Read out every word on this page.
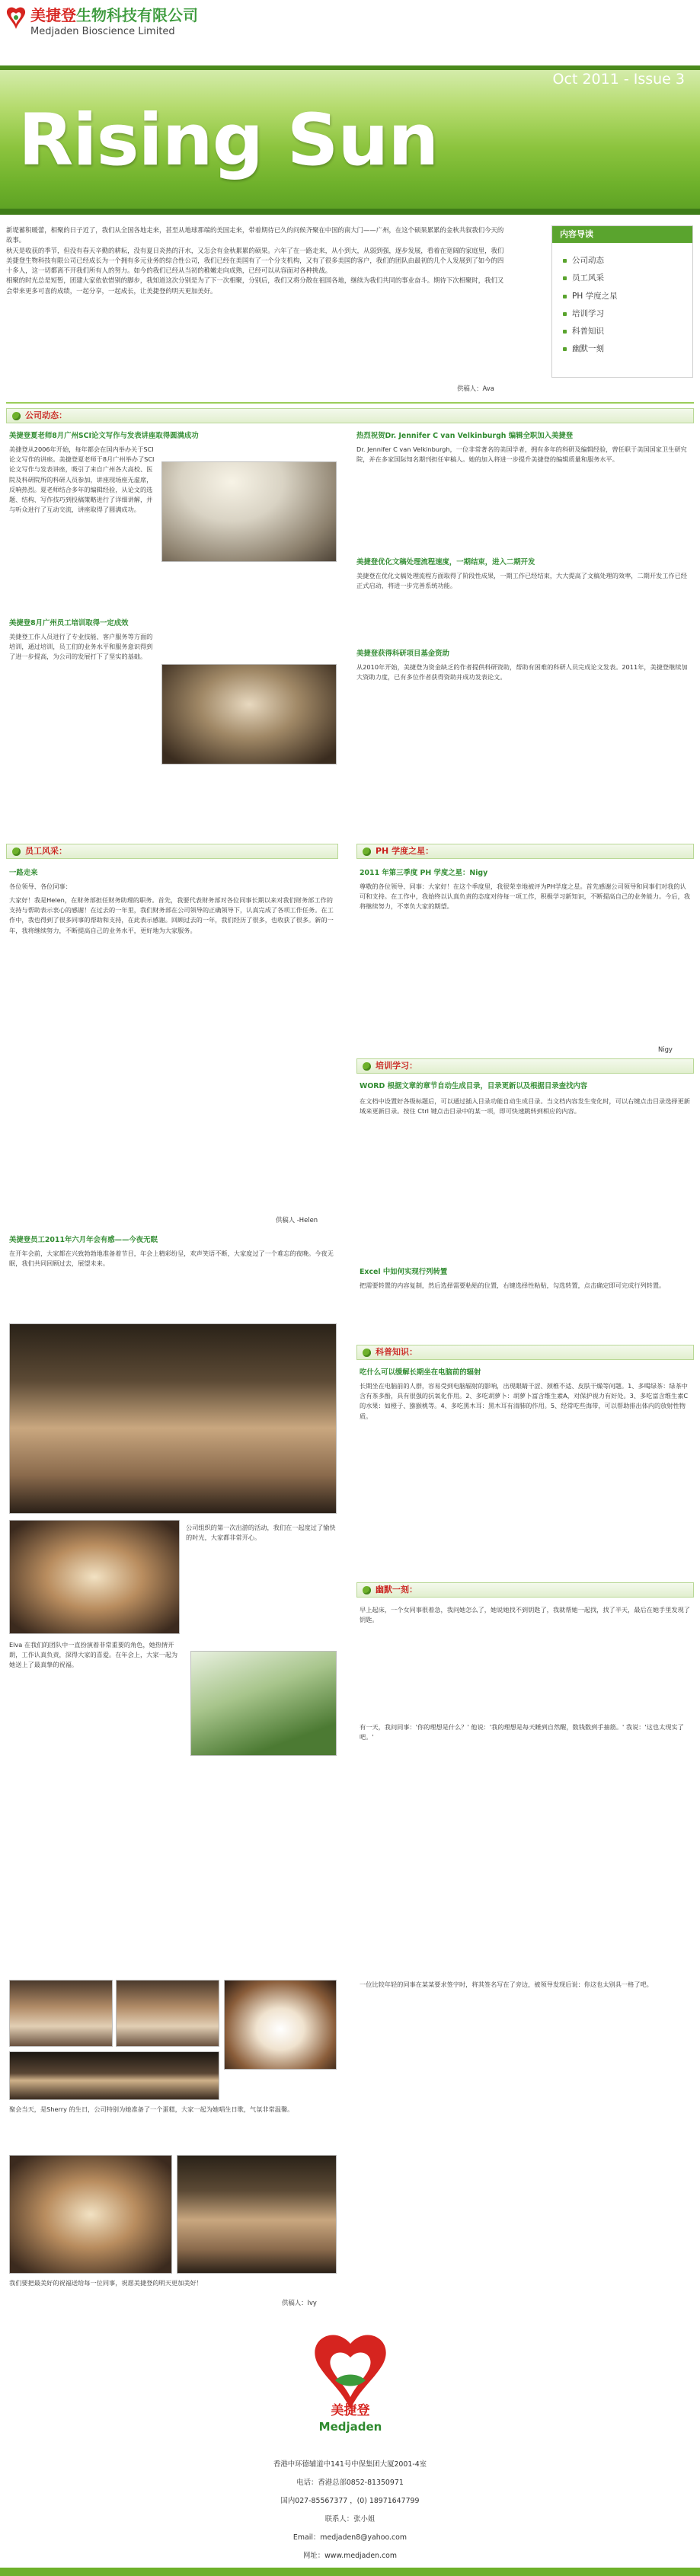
美捷登生物科技有限公司
Medjaden Bioscience Limited
Oct 2011 - Issue 3
Rising Sun

新堤蓄积暖蕾，相聚的日子近了，我们从全国各地走来，甚至从地球那端的美国走来，带着期待已久的问候齐聚在中国的南大门——广州，在这个硕果累累的金秋共叙我们今天的故事。

秋天是收获的季节，但没有春天辛勤的耕耘，没有夏日炎热的汗水，又怎会有金秋累累的硕果。六年了在一路走来，从小到大，从弱到强，逐步发展，看着在宽阔的家庭里，我们美捷登生物科技有限公司已经成长为一个拥有多元业务的综合性公司，我们已经在美国有了一个分支机构，又有了很多美国的客户，我们的团队由最初的几个人发展到了如今的四十多人，这一切都离不开我们所有人的努力。如今的我们已经从当初的稚嫩走向成熟，已经可以从容面对各种挑战。

相聚的时光总是短暂，团建大家依依惜别的脚步，我知道这次分别是为了下一次相聚，分别后，我们又将分散在祖国各地，继续为我们共同的事业奋斗。期待下次相聚时，我们又会带来更多可喜的成绩，一起分享，一起成长，让美捷登的明天更加美好。

供稿人：Ava
内容导读
公司动态
员工风采
PH 学度之星
培训学习
科普知识
幽默一刻
公司动态：
美捷登夏老师8月广州SCI论文写作与发表讲座取得圆满成功

美捷登从2006年开始，每年都会在国内举办关于SCI论文写作的讲座。美捷登夏老师于8月广州举办了SCI论文写作与发表讲座，吸引了来自广州各大高校、医院及科研院所的科研人员参加，讲座现场座无虚席，反响热烈。夏老师结合多年的编辑经验，从论文的选题、结构、写作技巧到投稿策略进行了详细讲解，并与听众进行了互动交流，讲座取得了圆满成功。

美捷登8月广州员工培训取得一定成效

美捷登工作人员进行了专业技能、客户服务等方面的培训，通过培训，员工们的业务水平和服务意识得到了进一步提高，为公司的发展打下了坚实的基础。

热烈祝贺Dr. Jennifer C van Velkinburgh 编辑全职加入美捷登

Dr. Jennifer C van Velkinburgh，一位非常著名的美国学者，拥有多年的科研及编辑经验，曾任职于美国国家卫生研究院，并在多家国际知名期刊担任审稿人。她的加入将进一步提升美捷登的编辑质量和服务水平。

美捷登优化文稿处理流程速度，一期结束，进入二期开发

美捷登在优化文稿处理流程方面取得了阶段性成果，一期工作已经结束，大大提高了文稿处理的效率，二期开发工作已经正式启动，将进一步完善系统功能。

美捷登获得科研项目基金资助

从2010年开始，美捷登为资金缺乏的作者提供科研资助，帮助有困难的科研人员完成论文发表。2011年，美捷登继续加大资助力度，已有多位作者获得资助并成功发表论文。

员工风采：
一路走来

各位领导、各位同事：

大家好！我是Helen，在财务部担任财务助理的职务。首先，我要代表财务部对各位同事长期以来对我们财务部工作的支持与帮助表示衷心的感谢！在过去的一年里，我们财务部在公司领导的正确领导下，认真完成了各项工作任务。在工作中，我也得到了很多同事的帮助和支持，在此表示感谢。回顾过去的一年，我们经历了很多，也收获了很多。新的一年，我将继续努力，不断提高自己的业务水平，更好地为大家服务。

供稿人 -Helen
美捷登员工2011年六月年会有感——今夜无眠

在开年会前，大家都在兴致勃勃地准备着节目，年会上精彩纷呈，欢声笑语不断，大家度过了一个难忘的夜晚。今夜无眠，我们共同回顾过去，展望未来。

公司组织的第一次出游的活动，我们在一起度过了愉快的时光，大家都非常开心。

Elva 在我们的团队中一直扮演着非常重要的角色，她热情开朗，工作认真负责，深得大家的喜爱。在年会上，大家一起为她送上了最真挚的祝福。

聚会当天，是Sherry 的生日，公司特别为她准备了一个蛋糕，大家一起为她唱生日歌，气氛非常温馨。

我们要把最美好的祝福送给每一位同事，祝愿美捷登的明天更加美好！

供稿人：Ivy
PH 学度之星：
2011 年第三季度 PH 学度之星：Nigy

尊敬的各位领导、同事：大家好！在这个季度里，我很荣幸地被评为PH学度之星。首先感谢公司领导和同事们对我的认可和支持。在工作中，我始终以认真负责的态度对待每一项工作，积极学习新知识，不断提高自己的业务能力。今后，我将继续努力，不辜负大家的期望。

Nigy
培训学习：
WORD 根据文章的章节自动生成目录，目录更新以及根据目录查找内容

在文档中设置好各级标题后，可以通过插入目录功能自动生成目录。当文档内容发生变化时，可以右键点击目录选择更新域来更新目录。按住 Ctrl 键点击目录中的某一项，即可快速跳转到相应的内容。

Excel 中如何实现行列转置

把需要转置的内容复制，然后选择需要粘贴的位置，右键选择性粘贴，勾选转置，点击确定即可完成行列转置。

科普知识：
吃什么可以缓解长期坐在电脑前的辐射

长期坐在电脑前的人群，容易受到电脑辐射的影响，出现眼睛干涩、颈椎不适、皮肤干燥等问题。1、多喝绿茶：绿茶中含有茶多酚，具有很强的抗氧化作用。2、多吃胡萝卜：胡萝卜富含维生素A，对保护视力有好处。3、多吃富含维生素C的水果：如橙子、猕猴桃等。4、多吃黑木耳：黑木耳有清肺的作用。5、经常吃些海带，可以帮助排出体内的放射性物质。

幽默一刻：

早上起床，一个女同事很着急，我问她怎么了，她说她找不到钥匙了，我就帮她一起找，找了半天，最后在她手里发现了钥匙。

有一天，我问同事：'你的理想是什么？' 他说：'我的理想是每天睡到自然醒，数钱数到手抽筋。' 我说：'这也太现实了吧。'

一位比较年轻的同事在某某要求签字时，将其签名写在了旁边，被领导发现后说：你这也太别具一格了吧。

美捷登
Medjaden
香港中环德辅道中141号中保集团大厦2001-4室
电话：香港总部0852-81350971
国内027-85567377 ，(0) 18971647799
联系人：张小姐
Email：medjaden8@yahoo.com
网址：www.medjaden.com
